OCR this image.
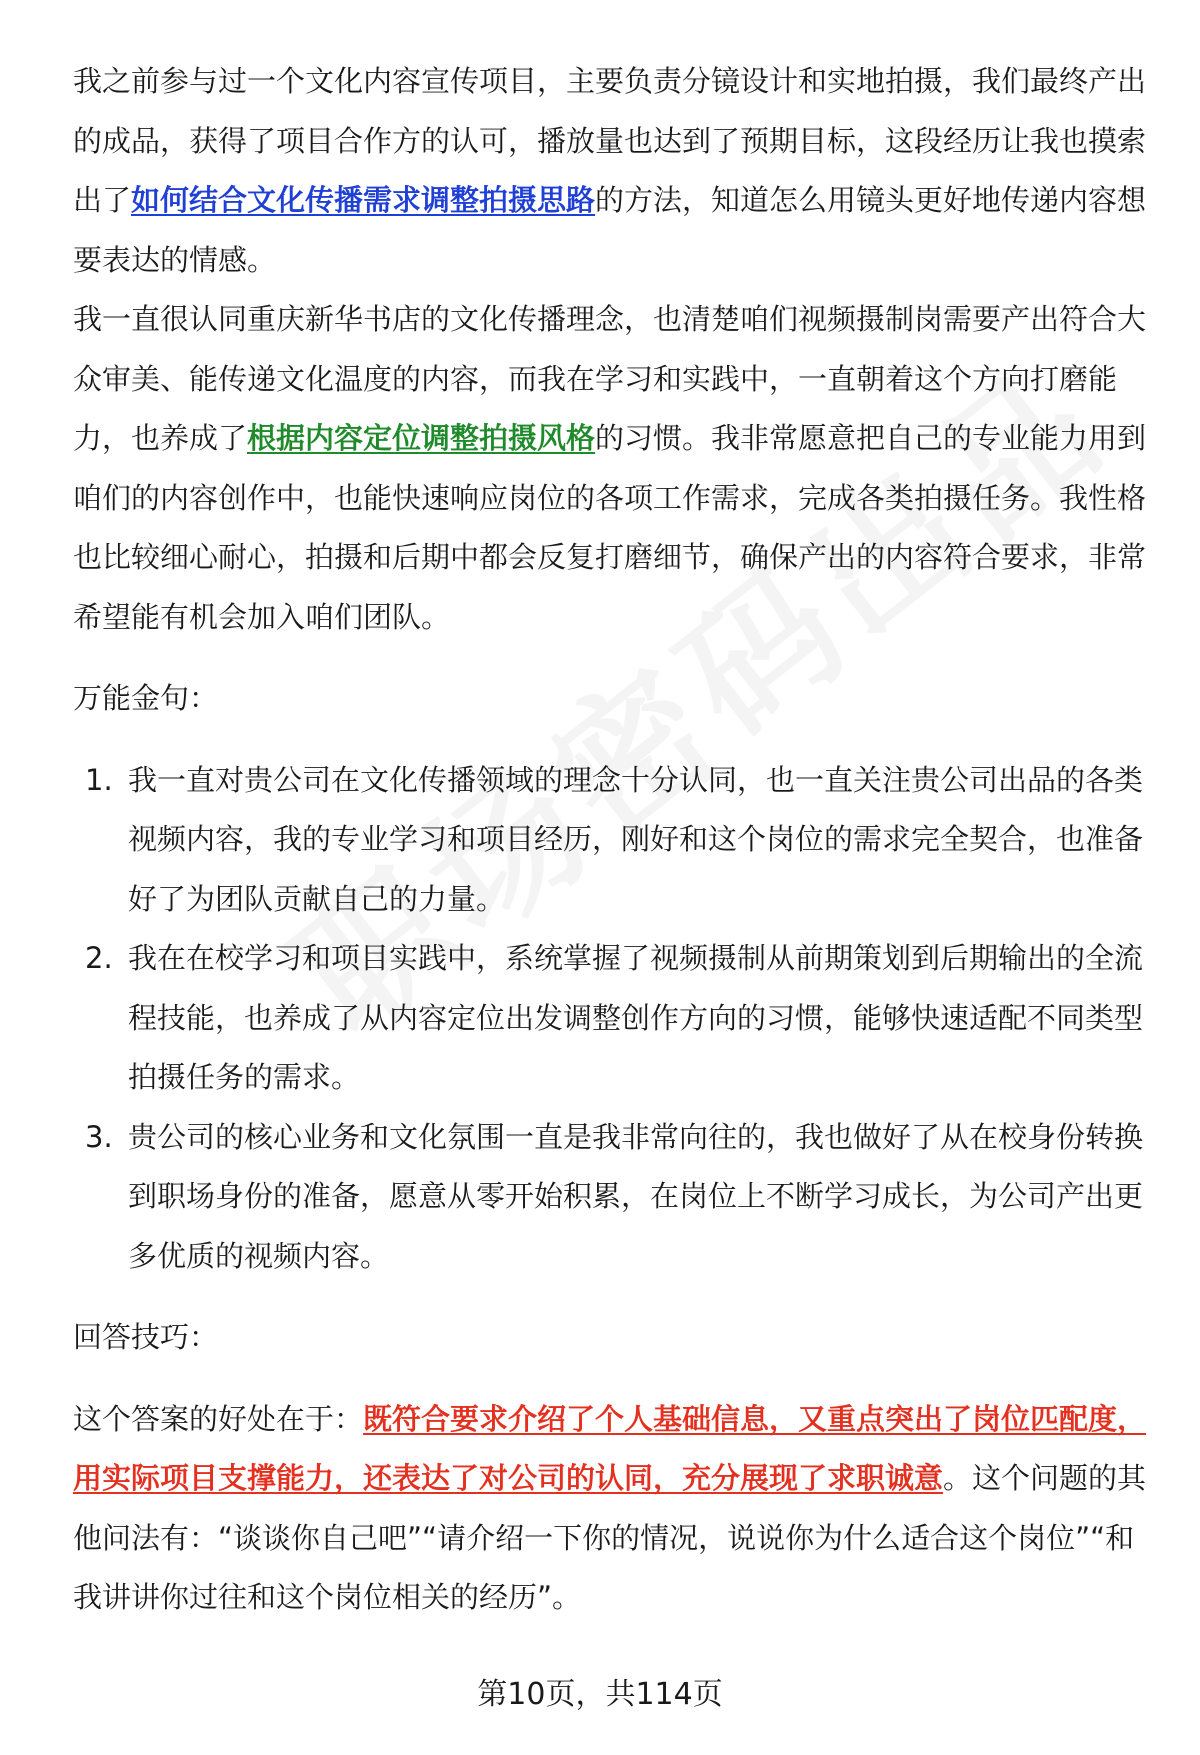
我之前参与过一个文化内容宣传项目，主要负责分镜设计和实地拍摄，我们最终产出的成品，获得了项目合作方的认可，播放量也达到了预期目标，这段经历让我也摸索出了如何结合文化传播需求调整拍摄思路的方法，知道怎么用镜头更好地传递内容想要表达的情感。

我一直很认同重庆新华书店的文化传播理念，也清楚咱们视频摄制岗需要产出符合大众审美、能传递文化温度的内容，而我在学习和实践中，一直朝着这个方向打磨能力，也养成了根据内容定位调整拍摄风格的习惯。我非常愿意把自己的专业能力用到咱们的内容创作中，也能快速响应岗位的各项工作需求，完成各类拍摄任务。我性格也比较细心耐心，拍摄和后期中都会反复打磨细节，确保产出的内容符合要求，非常希望能有机会加入咱们团队。

万能金句：

1. 我一直对贵公司在文化传播领域的理念十分认同，也一直关注贵公司出品的各类视频内容，我的专业学习和项目经历，刚好和这个岗位的需求完全契合，也准备好了为团队贡献自己的力量。
2. 我在在校学习和项目实践中，系统掌握了视频摄制从前期策划到后期输出的全流程技能，也养成了从内容定位出发调整创作方向的习惯，能够快速适配不同类型拍摄任务的需求。
3. 贵公司的核心业务和文化氛围一直是我非常向往的，我也做好了从在校身份转换到职场身份的准备，愿意从零开始积累，在岗位上不断学习成长，为公司产出更多优质的视频内容。

回答技巧：

这个答案的好处在于：既符合要求介绍了个人基础信息，又重点突出了岗位匹配度，用实际项目支撑能力，还表达了对公司的认同，充分展现了求职诚意。这个问题的其他问法有：“谈谈你自己吧”“请介绍一下你的情况，说说你为什么适合这个岗位”“和我讲讲你过往和这个岗位相关的经历”。

第10页，共114页
